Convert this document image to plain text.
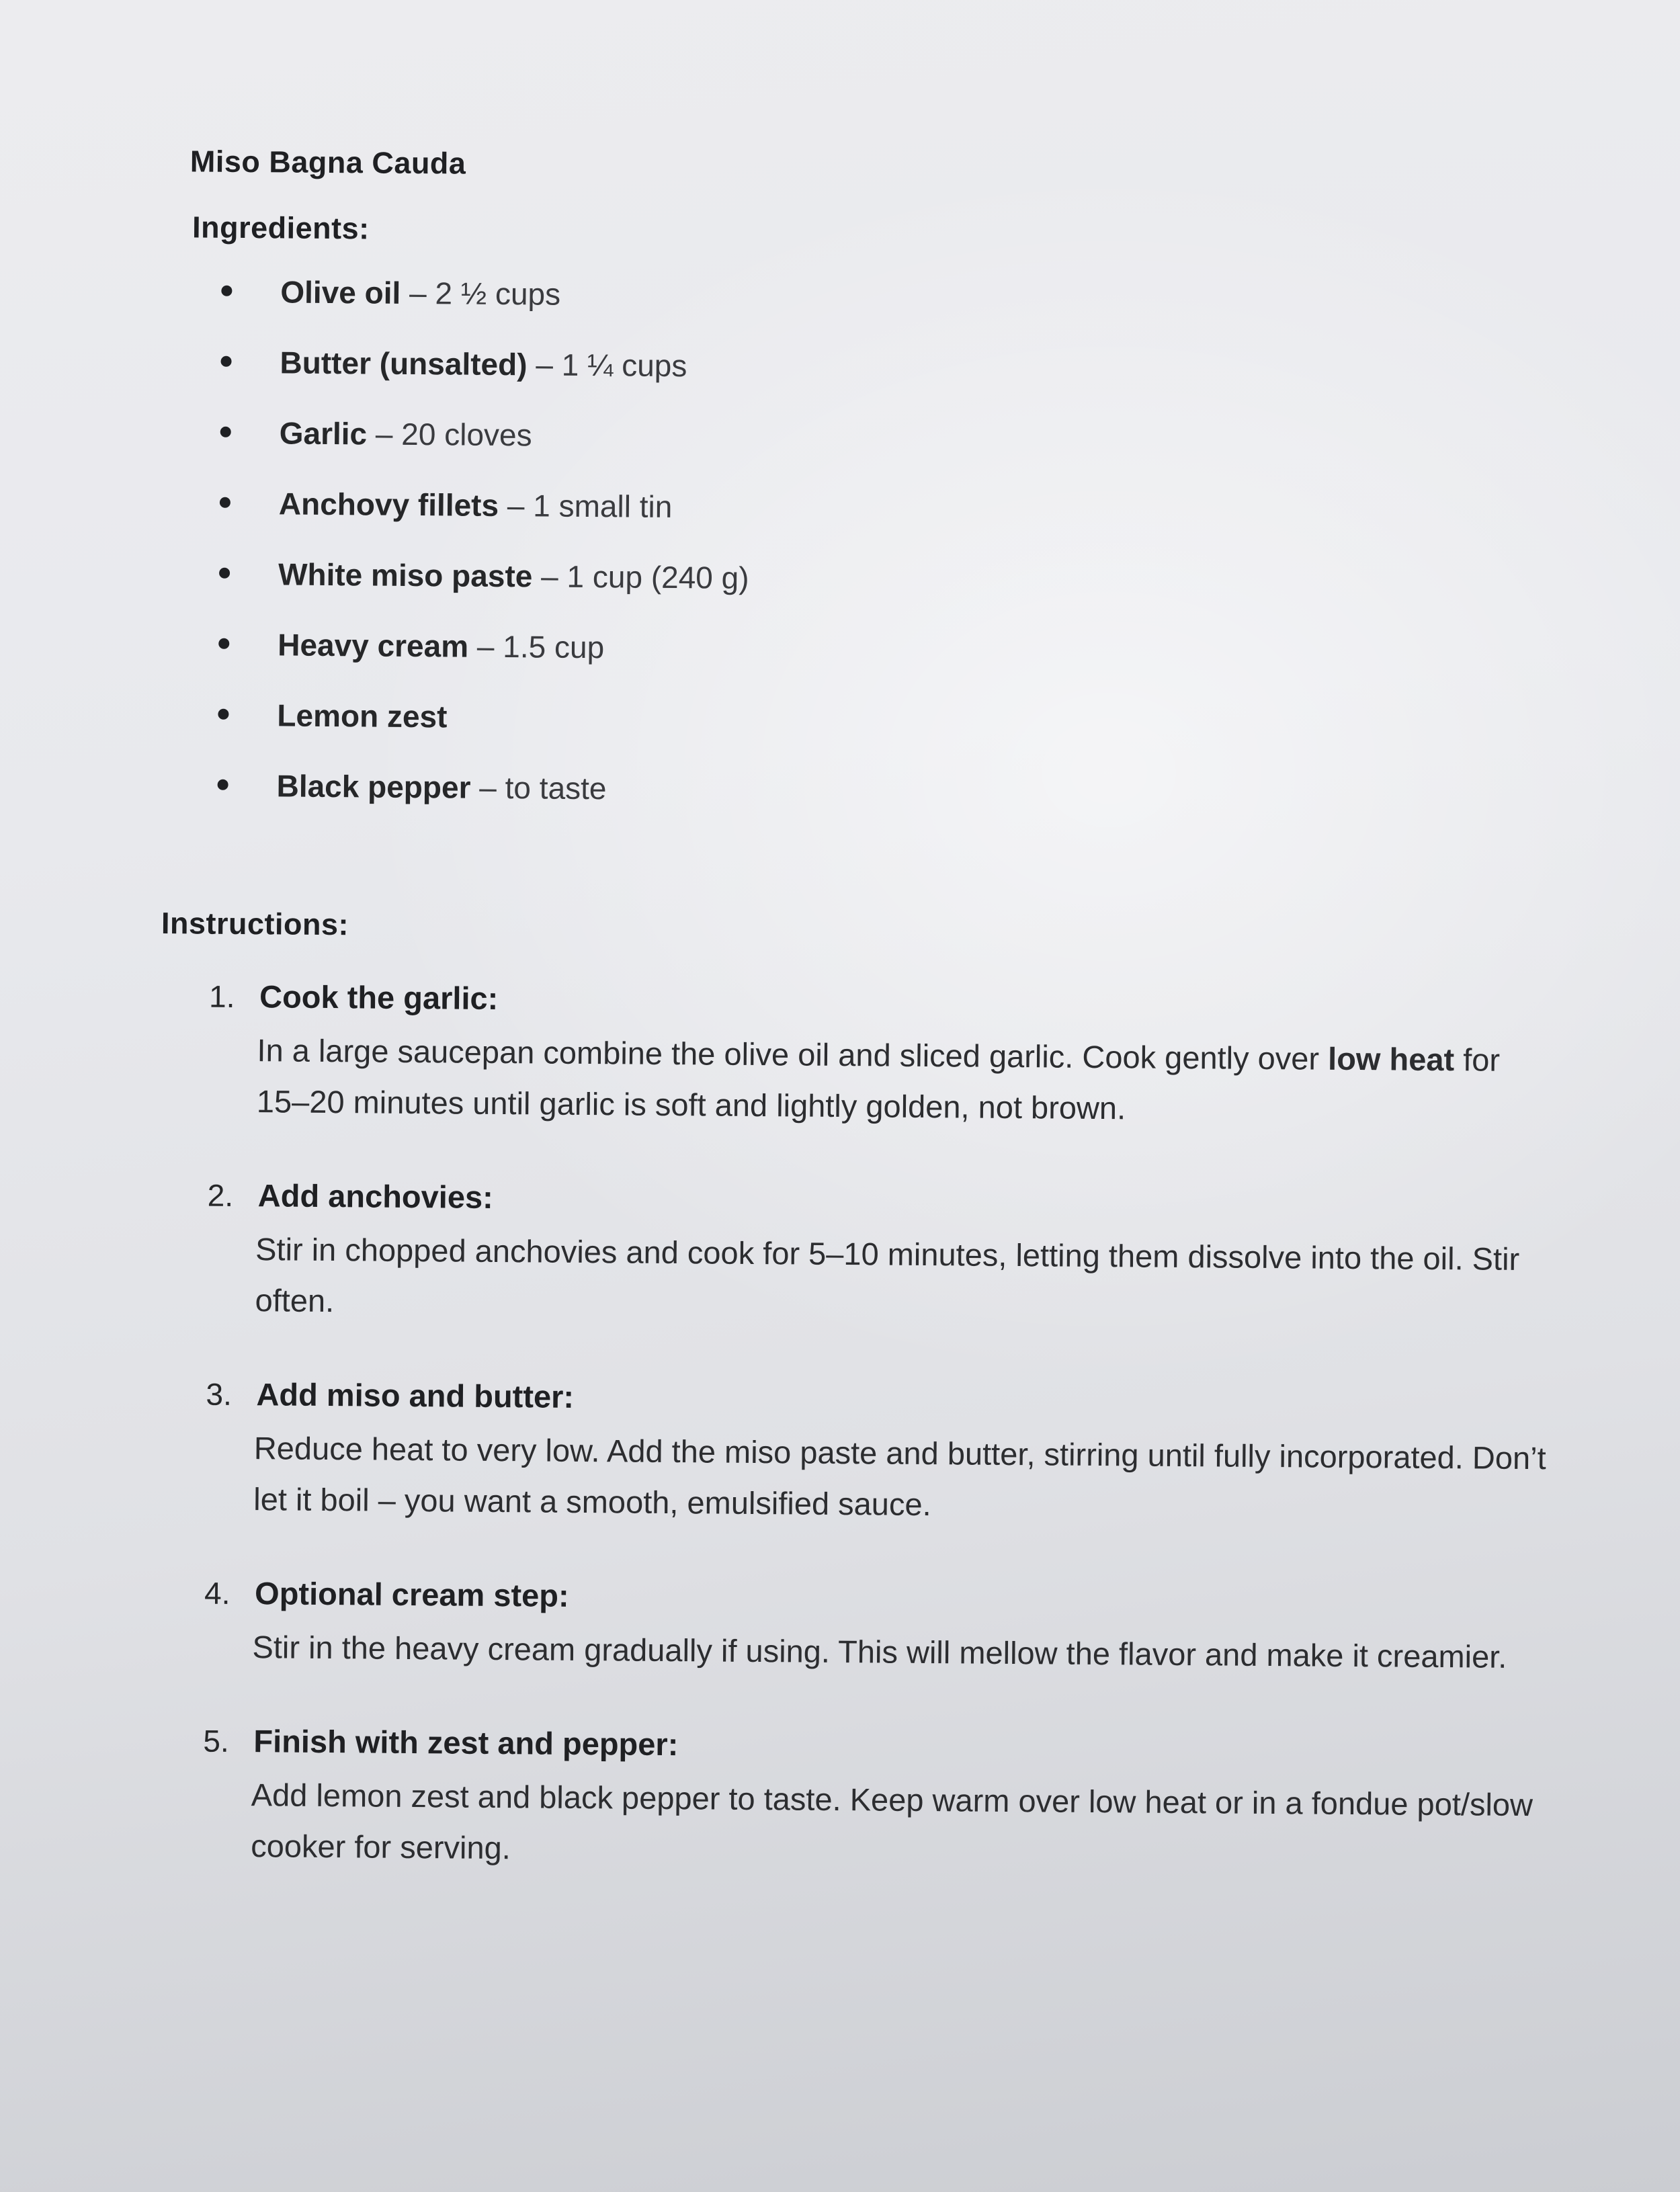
Miso Bagna Cauda
Ingredients:
Olive oil – 2 ½ cups
Butter (unsalted) – 1 ¼ cups
Garlic – 20 cloves
Anchovy fillets – 1 small tin
White miso paste – 1 cup (240 g)
Heavy cream – 1.5 cup
Lemon zest
Black pepper – to taste
Instructions:
1. Cook the garlic:
In a large saucepan combine the olive oil and sliced garlic. Cook gently over low heat for 15–20 minutes until garlic is soft and lightly golden, not brown.
2. Add anchovies:
Stir in chopped anchovies and cook for 5–10 minutes, letting them dissolve into the oil. Stir often.
3. Add miso and butter:
Reduce heat to very low. Add the miso paste and butter, stirring until fully incorporated. Don’t let it boil – you want a smooth, emulsified sauce.
4. Optional cream step:
Stir in the heavy cream gradually if using. This will mellow the flavor and make it creamier.
5. Finish with zest and pepper:
Add lemon zest and black pepper to taste. Keep warm over low heat or in a fondue pot/slow cooker for serving.
